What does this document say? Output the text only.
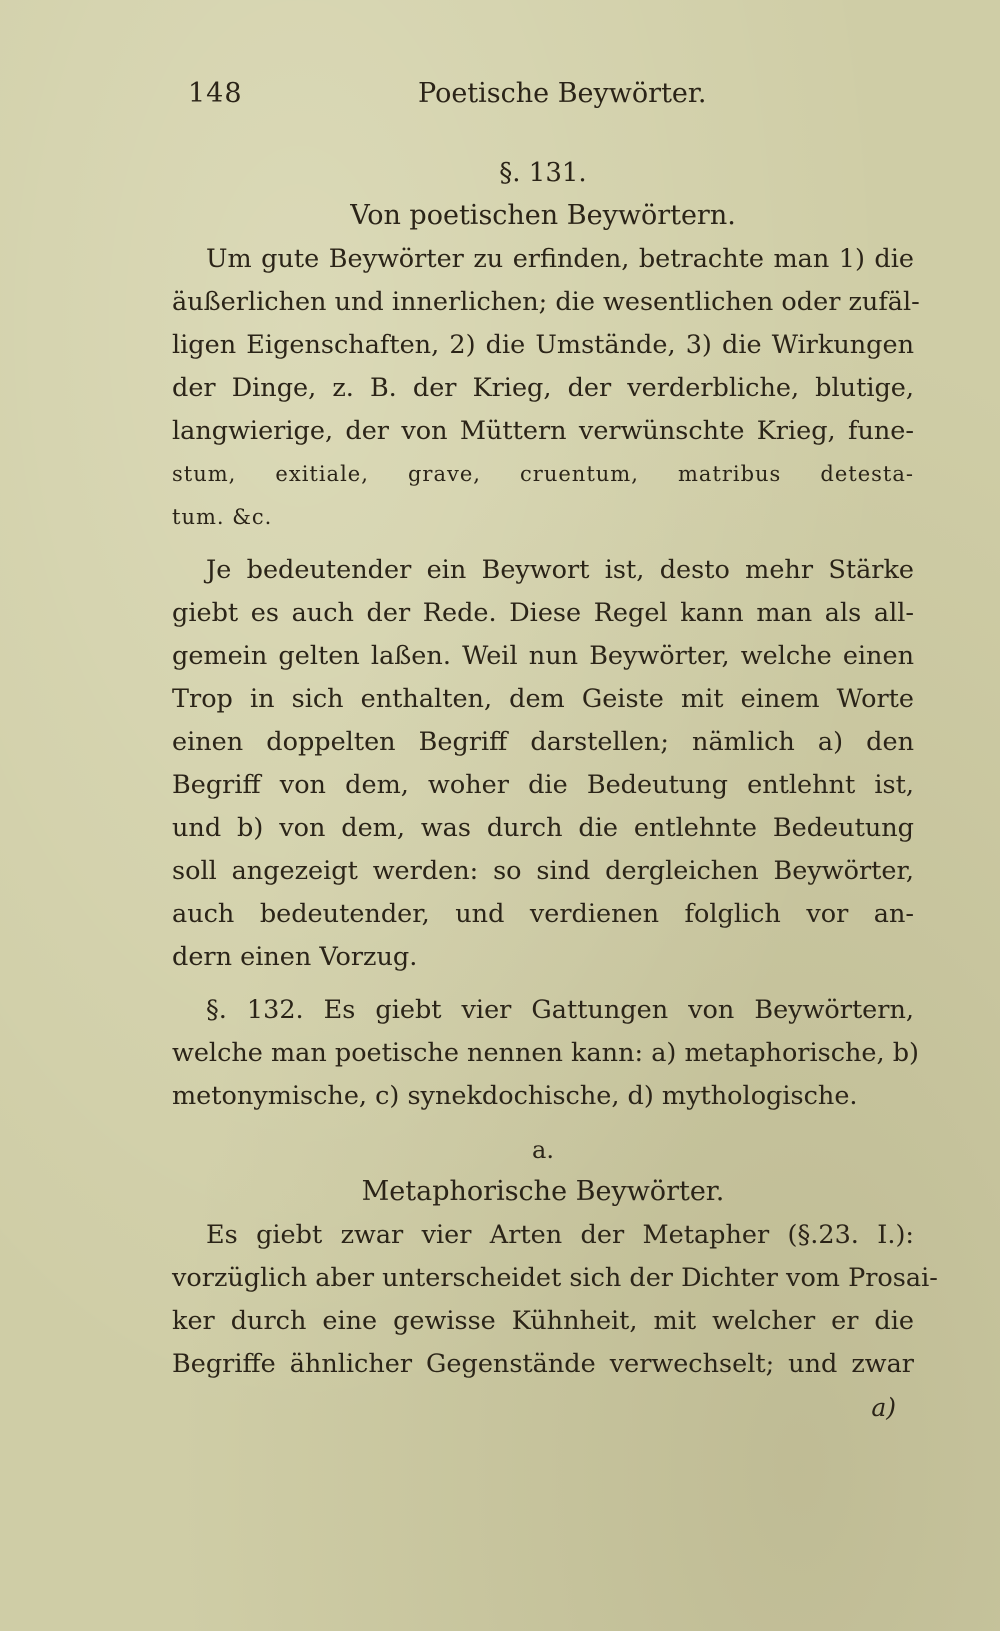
148	Poetische Beywörter.
§. 131.
Von poetischen Beywörtern.
Um gute Beywörter zu erfinden, betrachte man 1) die
äußerlichen und innerlichen; die wesentlichen oder zufäl-
ligen Eigenschaften, 2) die Umstände, 3) die Wirkungen
der Dinge, z. B. der Krieg, der verderbliche, blutige,
langwierige, der von Müttern verwünschte Krieg, fune-
stum, exitiale, grave, cruentum, matribus detesta-
tum. &c.
Je bedeutender ein Beywort ist, desto mehr Stärke
giebt es auch der Rede. Diese Regel kann man als all-
gemein gelten laßen. Weil nun Beywörter, welche einen
Trop in sich enthalten, dem Geiste mit einem Worte
einen doppelten Begriff darstellen; nämlich a) den
Begriff von dem, woher die Bedeutung entlehnt ist,
und b) von dem, was durch die entlehnte Bedeutung
soll angezeigt werden: so sind dergleichen Beywörter,
auch bedeutender, und verdienen folglich vor an-
dern einen Vorzug.
§. 132. Es giebt vier Gattungen von Beywörtern,
welche man poetische nennen kann: a) metaphorische, b)
metonymische, c) synekdochische, d) mythologische.
a.
Metaphorische Beywörter.
Es giebt zwar vier Arten der Metapher (§.23. I.):
vorzüglich aber unterscheidet sich der Dichter vom Prosai-
ker durch eine gewisse Kühnheit, mit welcher er die
Begriffe ähnlicher Gegenstände verwechselt; und zwar
a)
